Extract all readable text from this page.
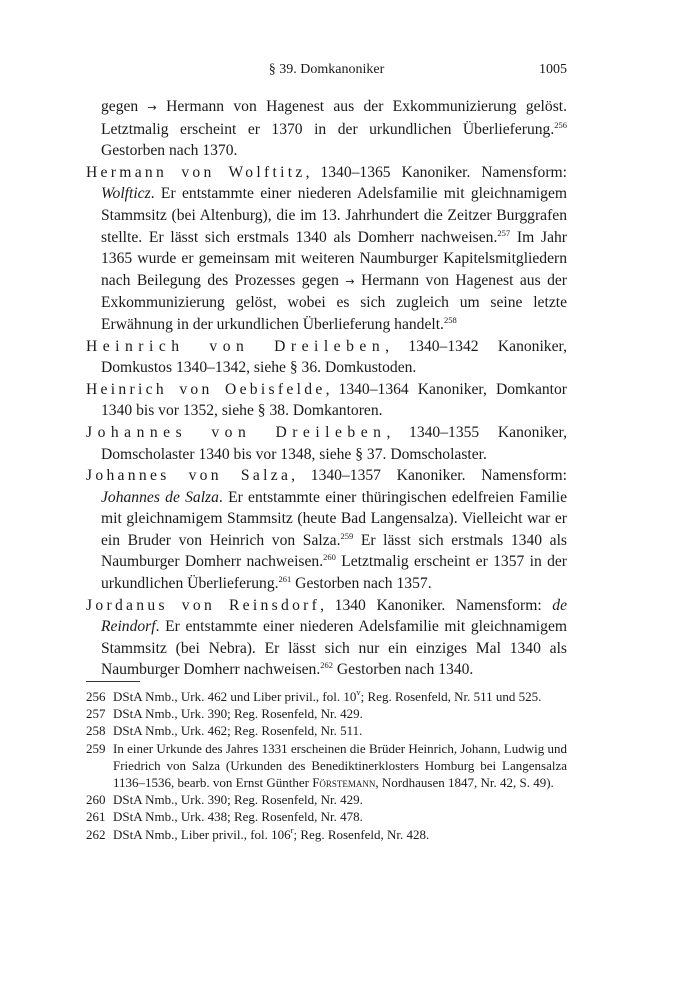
§ 39. Domkanoniker	1005

gegen → Hermann von Hagenest aus der Exkommunizierung gelöst. Letztmalig erscheint er 1370 in der urkundlichen Überlieferung.$^{256}$ Gestorben nach 1370.

Hermann von Wolftitz, 1340–1365 Kanoniker. Namensform: Wolfticz. Er entstammte einer niederen Adelsfamilie mit gleichnamigem Stammsitz (bei Altenburg), die im 13. Jahrhundert die Zeitzer Burggrafen stellte. Er lässt sich erstmals 1340 als Domherr nachweisen.$^{257}$ Im Jahr 1365 wurde er gemeinsam mit weiteren Naumburger Kapitelsmitgliedern nach Beilegung des Prozesses gegen → Hermann von Hagenest aus der Exkommunizierung gelöst, wobei es sich zugleich um seine letzte Erwähnung in der urkundlichen Überlieferung handelt.$^{258}$

Heinrich von Dreileben, 1340–1342 Kanoniker, Domkustos 1340–1342, siehe § 36. Domkustoden.

Heinrich von Oebisfelde, 1340–1364 Kanoniker, Domkantor 1340 bis vor 1352, siehe § 38. Domkantoren.

Johannes von Dreileben, 1340–1355 Kanoniker, Domscholaster 1340 bis vor 1348, siehe § 37. Domscholaster.

Johannes von Salza, 1340–1357 Kanoniker. Namensform: Johannes de Salza. Er entstammte einer thüringischen edelfreien Familie mit gleichnamigem Stammsitz (heute Bad Langensalza). Vielleicht war er ein Bruder von Heinrich von Salza.$^{259}$ Er lässt sich erstmals 1340 als Naumburger Domherr nachweisen.$^{260}$ Letztmalig erscheint er 1357 in der urkundlichen Überlieferung.$^{261}$ Gestorben nach 1357.

Jordanus von Reinsdorf, 1340 Kanoniker. Namensform: de Reindorf. Er entstammte einer niederen Adelsfamilie mit gleichnamigem Stammsitz (bei Nebra). Er lässt sich nur ein einziges Mal 1340 als Naumburger Domherr nachweisen.$^{262}$ Gestorben nach 1340.

256 DStA Nmb., Urk. 462 und Liber privil., fol. 10$^v$; Reg. Rosenfeld, Nr. 511 und 525.

257 DStA Nmb., Urk. 390; Reg. Rosenfeld, Nr. 429.

258 DStA Nmb., Urk. 462; Reg. Rosenfeld, Nr. 511.

259 In einer Urkunde des Jahres 1331 erscheinen die Brüder Heinrich, Johann, Ludwig und Friedrich von Salza (Urkunden des Benediktinerklosters Homburg bei Langensalza 1136–1536, bearb. von Ernst Günther Förstemann, Nordhausen 1847, Nr. 42, S. 49).

260 DStA Nmb., Urk. 390; Reg. Rosenfeld, Nr. 429.

261 DStA Nmb., Urk. 438; Reg. Rosenfeld, Nr. 478.

262 DStA Nmb., Liber privil., fol. 106$^r$; Reg. Rosenfeld, Nr. 428.
